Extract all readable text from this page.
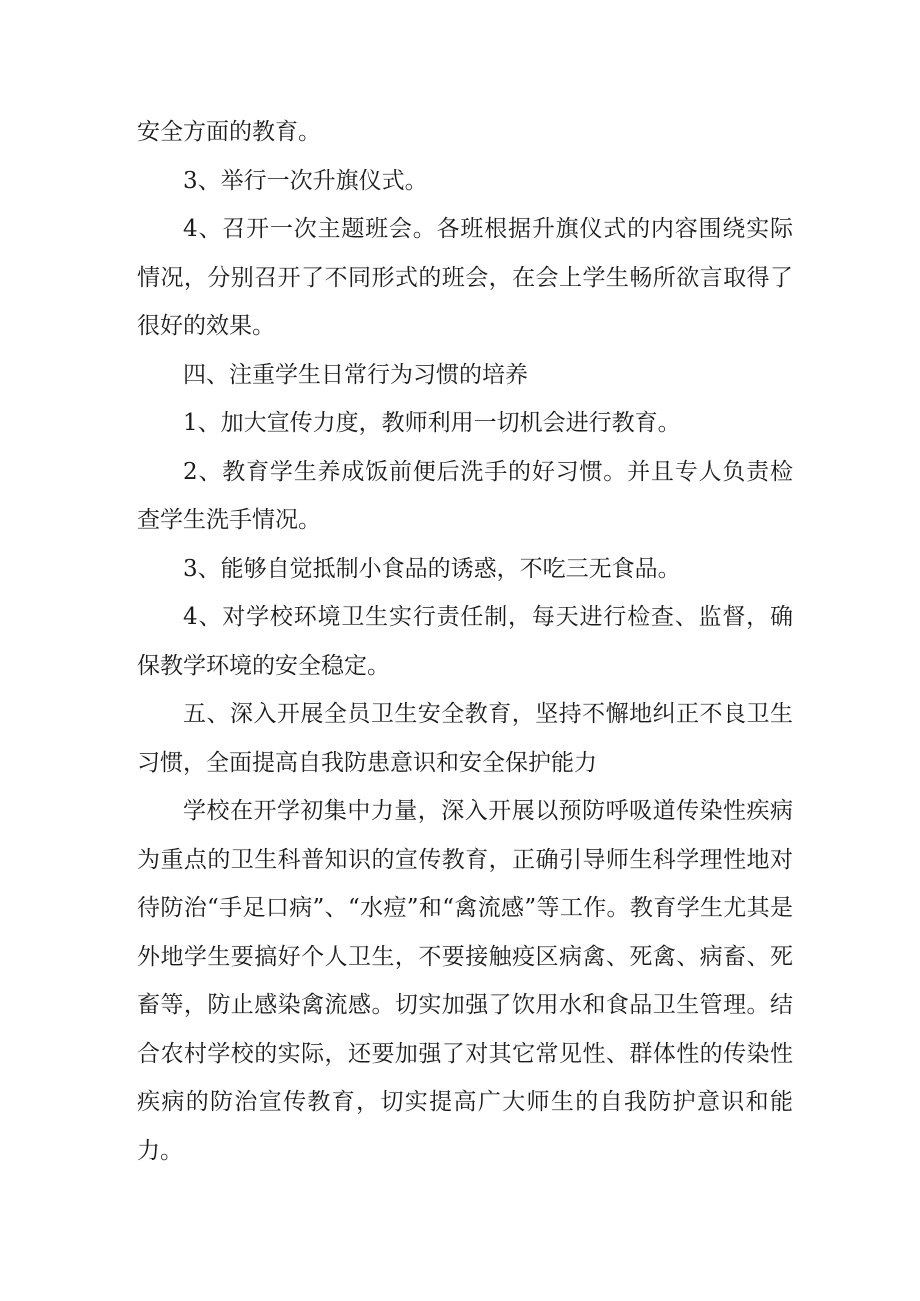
安全方面的教育。

3、举行一次升旗仪式。

4、召开一次主题班会。各班根据升旗仪式的内容围绕实际情况，分别召开了不同形式的班会，在会上学生畅所欲言取得了很好的效果。

四、注重学生日常行为习惯的培养

1、加大宣传力度，教师利用一切机会进行教育。

2、教育学生养成饭前便后洗手的好习惯。并且专人负责检查学生洗手情况。

3、能够自觉抵制小食品的诱惑，不吃三无食品。

4、对学校环境卫生实行责任制，每天进行检查、监督，确保教学环境的安全稳定。

五、深入开展全员卫生安全教育，坚持不懈地纠正不良卫生习惯，全面提高自我防患意识和安全保护能力

学校在开学初集中力量，深入开展以预防呼吸道传染性疾病为重点的卫生科普知识的宣传教育，正确引导师生科学理性地对待防治“手足口病”、“水痘”和“禽流感”等工作。教育学生尤其是外地学生要搞好个人卫生，不要接触疫区病禽、死禽、病畜、死畜等，防止感染禽流感。切实加强了饮用水和食品卫生管理。结合农村学校的实际，还要加强了对其它常见性、群体性的传染性疾病的防治宣传教育，切实提高广大师生的自我防护意识和能力。
